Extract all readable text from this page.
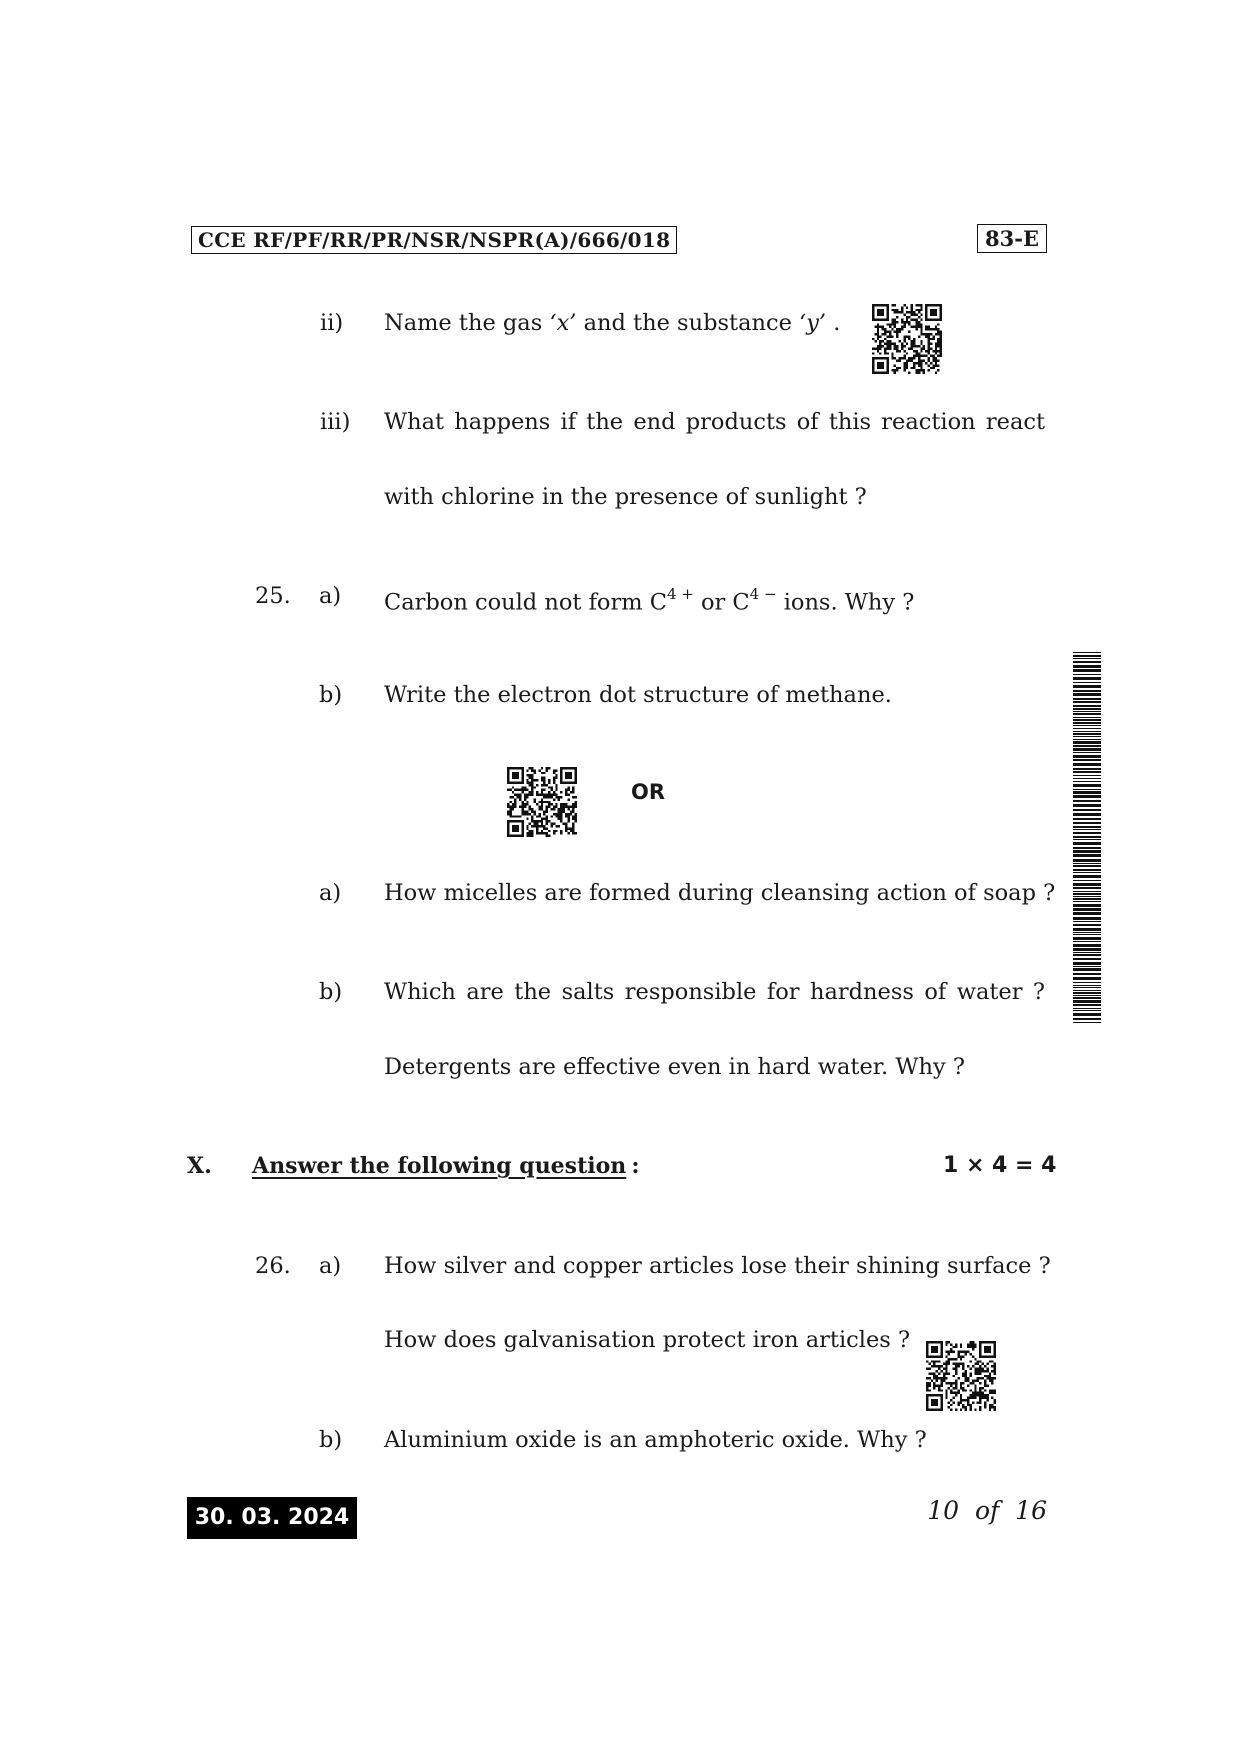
CCE RF/PF/RR/PR/NSR/NSPR(A)/666/018	83-E
ii) Name the gas ‘x’ and the substance ‘y’ .
iii) What happens if the end products of this reaction react
with chlorine in the presence of sunlight ?
25. a) Carbon could not form $C^{4 +}$ or $C^{4 -}$ ions. Why ?
b) Write the electron dot structure of methane.
OR
a) How micelles are formed during cleansing action of soap ?
b) Which are the salts responsible for hardness of water ?
Detergents are effective even in hard water. Why ?
X. Answer the following question :	1 × 4 = 4
26. a) How silver and copper articles lose their shining surface ?
How does galvanisation protect iron articles ?
b) Aluminium oxide is an amphoteric oxide. Why ?
30. 03. 2024	10  of  16
